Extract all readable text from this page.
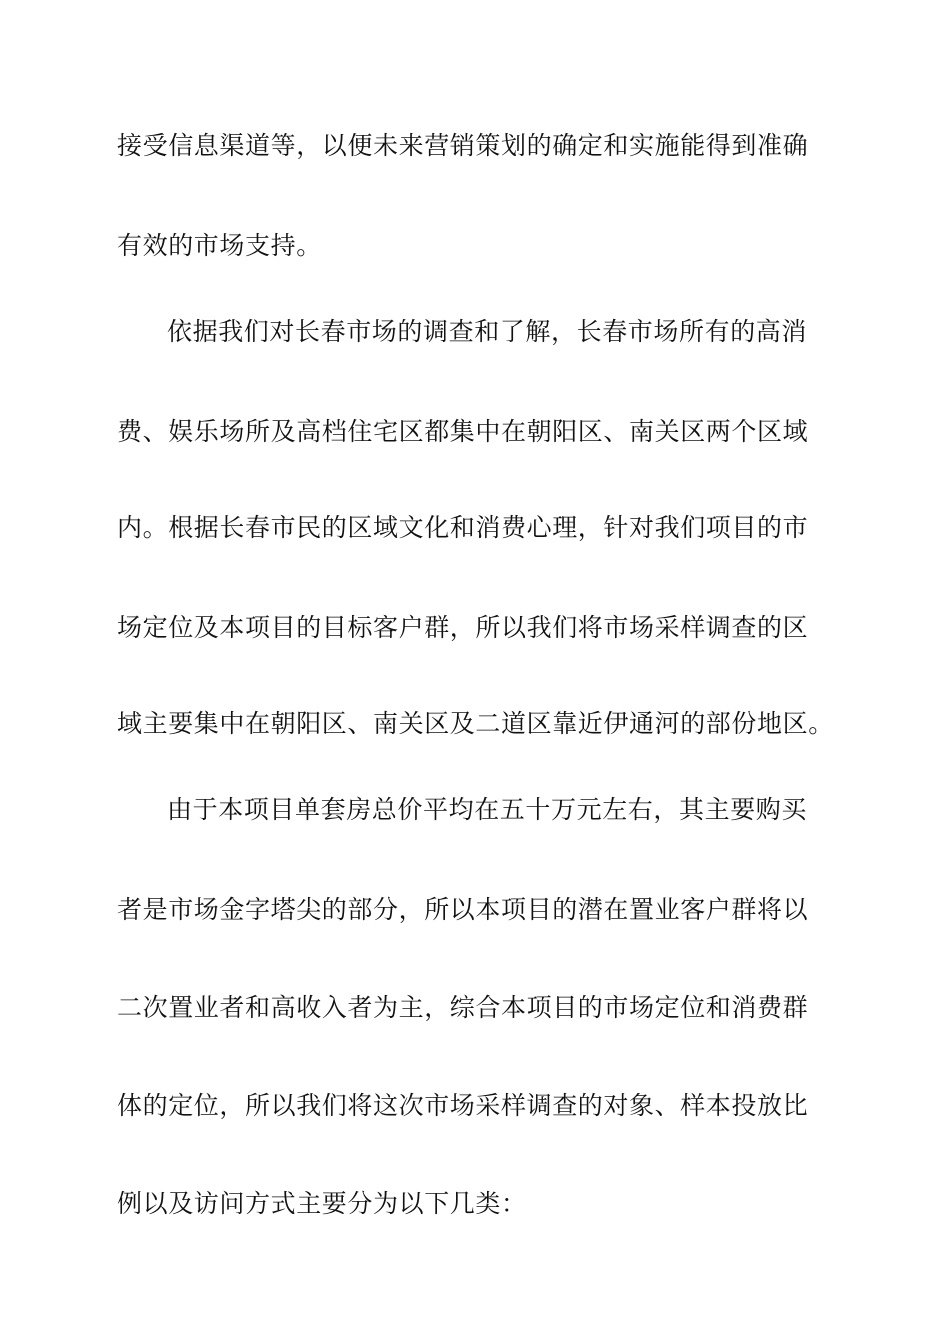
接受信息渠道等，以便未来营销策划的确定和实施能得到准确
有效的市场支持。
依据我们对长春市场的调查和了解，长春市场所有的高消
费、娱乐场所及高档住宅区都集中在朝阳区、南关区两个区域
内。根据长春市民的区域文化和消费心理，针对我们项目的市
场定位及本项目的目标客户群，所以我们将市场采样调查的区
域主要集中在朝阳区、南关区及二道区靠近伊通河的部份地区。
由于本项目单套房总价平均在五十万元左右，其主要购买
者是市场金字塔尖的部分，所以本项目的潜在置业客户群将以
二次置业者和高收入者为主，综合本项目的市场定位和消费群
体的定位，所以我们将这次市场采样调查的对象、样本投放比
例以及访问方式主要分为以下几类：
